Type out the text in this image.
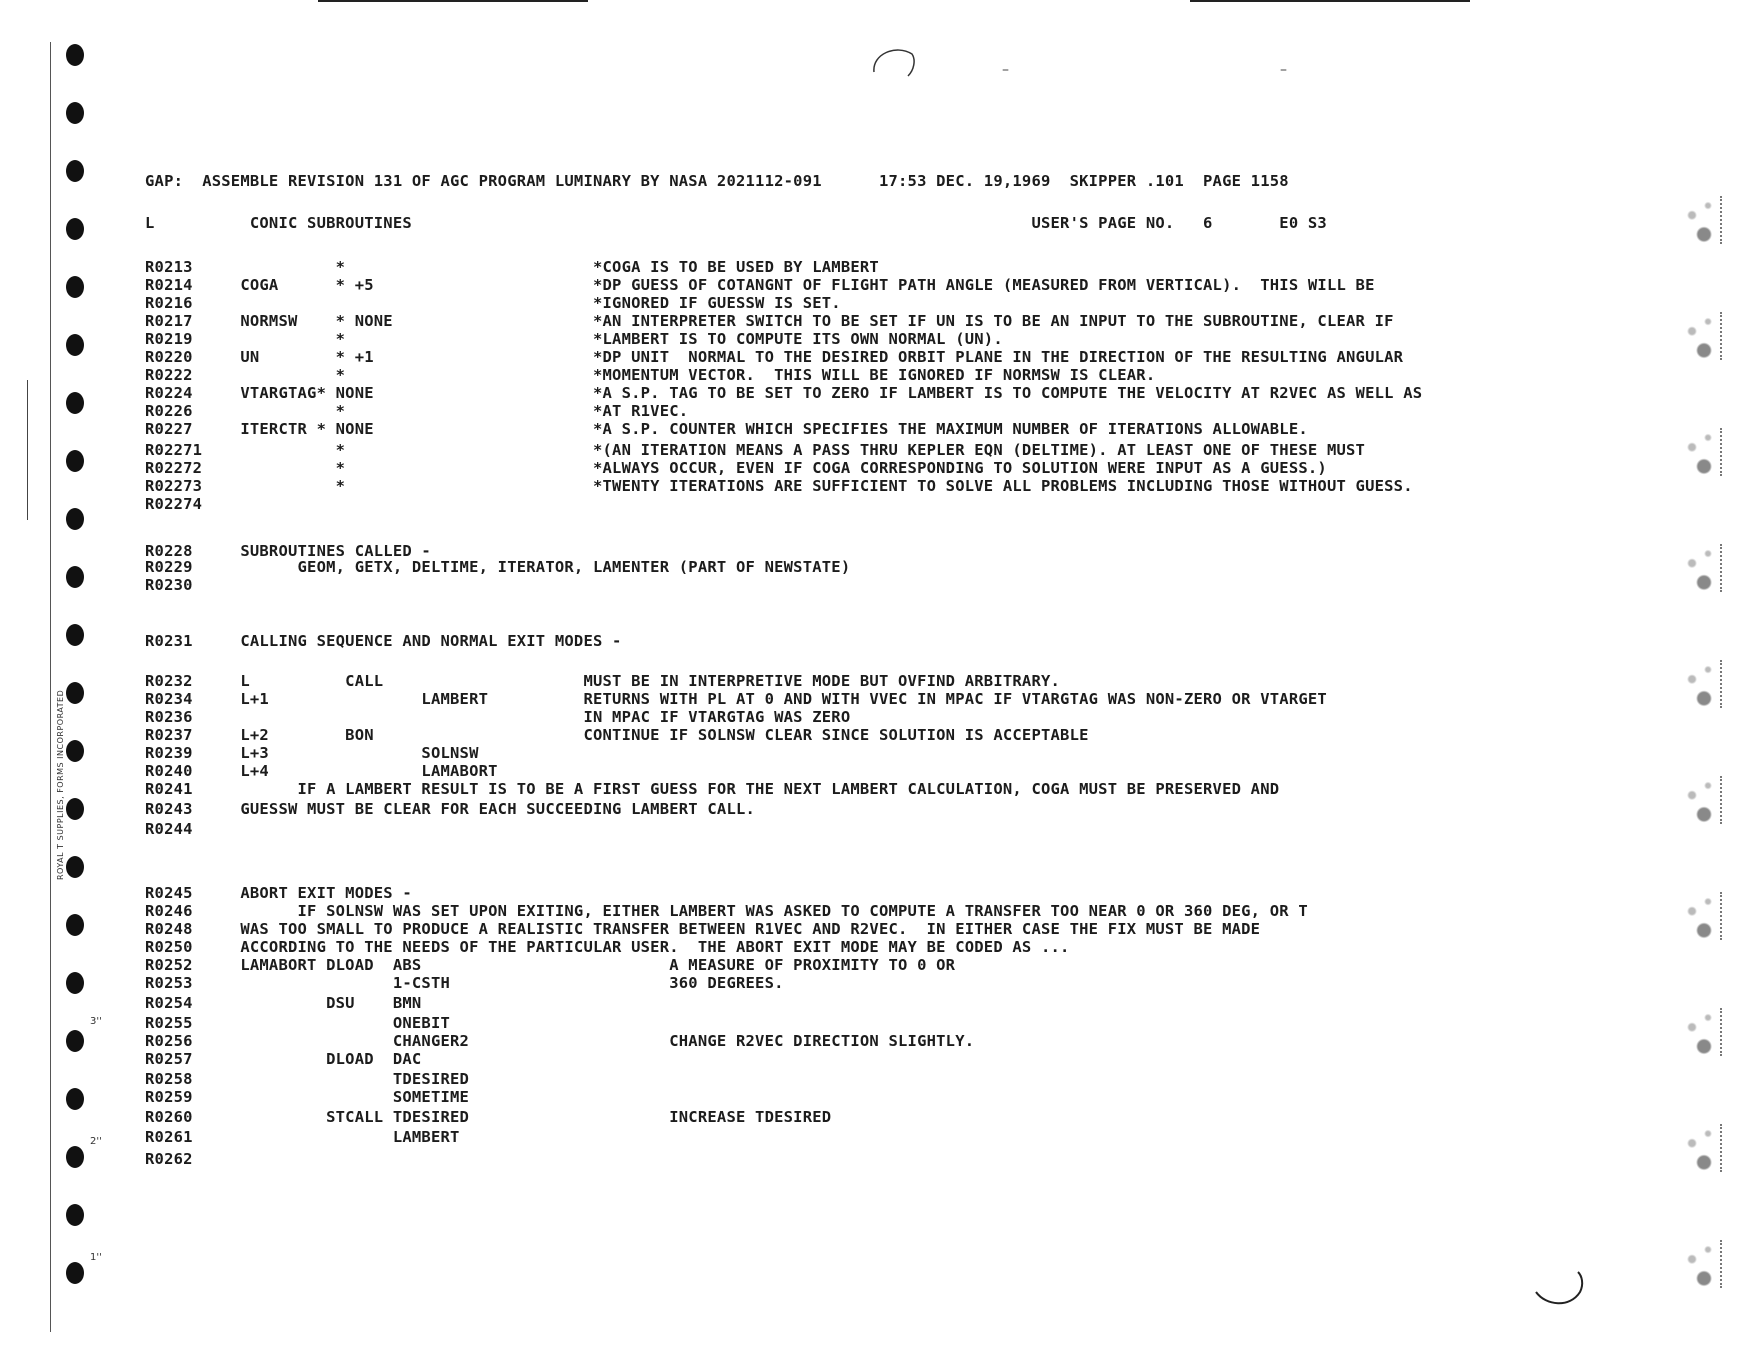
ROYAL T SUPPLIES, FORMS INCORPORATED
3''
2''
1''
–	–
GAP:  ASSEMBLE REVISION 131 OF AGC PROGRAM LUMINARY BY NASA 2021112-091      17:53 DEC. 19,1969  SKIPPER .101  PAGE 1158
L          CONIC SUBROUTINES                                                                 USER'S PAGE NO.   6       E0 S3
R0213               *                          *COGA IS TO BE USED BY LAMBERT
R0214     COGA      * +5                       *DP GUESS OF COTANGNT OF FLIGHT PATH ANGLE (MEASURED FROM VERTICAL).  THIS WILL BE
R0216                                          *IGNORED IF GUESSW IS SET.
R0217     NORMSW    * NONE                     *AN INTERPRETER SWITCH TO BE SET IF UN IS TO BE AN INPUT TO THE SUBROUTINE, CLEAR IF
R0219               *                          *LAMBERT IS TO COMPUTE ITS OWN NORMAL (UN).
R0220     UN        * +1                       *DP UNIT  NORMAL TO THE DESIRED ORBIT PLANE IN THE DIRECTION OF THE RESULTING ANGULAR
R0222               *                          *MOMENTUM VECTOR.  THIS WILL BE IGNORED IF NORMSW IS CLEAR.
R0224     VTARGTAG* NONE                       *A S.P. TAG TO BE SET TO ZERO IF LAMBERT IS TO COMPUTE THE VELOCITY AT R2VEC AS WELL AS
R0226               *                          *AT R1VEC.
R0227     ITERCTR * NONE                       *A S.P. COUNTER WHICH SPECIFIES THE MAXIMUM NUMBER OF ITERATIONS ALLOWABLE.
R02271              *                          *(AN ITERATION MEANS A PASS THRU KEPLER EQN (DELTIME). AT LEAST ONE OF THESE MUST
R02272              *                          *ALWAYS OCCUR, EVEN IF COGA CORRESPONDING TO SOLUTION WERE INPUT AS A GUESS.)
R02273              *                          *TWENTY ITERATIONS ARE SUFFICIENT TO SOLVE ALL PROBLEMS INCLUDING THOSE WITHOUT GUESS.
R02274
R0228     SUBROUTINES CALLED -
R0229           GEOM, GETX, DELTIME, ITERATOR, LAMENTER (PART OF NEWSTATE)
R0230
R0231     CALLING SEQUENCE AND NORMAL EXIT MODES -
R0232     L          CALL                     MUST BE IN INTERPRETIVE MODE BUT OVFIND ARBITRARY.
R0234     L+1                LAMBERT          RETURNS WITH PL AT 0 AND WITH VVEC IN MPAC IF VTARGTAG WAS NON-ZERO OR VTARGET
R0236                                         IN MPAC IF VTARGTAG WAS ZERO
R0237     L+2        BON                      CONTINUE IF SOLNSW CLEAR SINCE SOLUTION IS ACCEPTABLE
R0239     L+3                SOLNSW
R0240     L+4                LAMABORT
R0241           IF A LAMBERT RESULT IS TO BE A FIRST GUESS FOR THE NEXT LAMBERT CALCULATION, COGA MUST BE PRESERVED AND
R0243     GUESSW MUST BE CLEAR FOR EACH SUCCEEDING LAMBERT CALL.
R0244
R0245     ABORT EXIT MODES -
R0246           IF SOLNSW WAS SET UPON EXITING, EITHER LAMBERT WAS ASKED TO COMPUTE A TRANSFER TOO NEAR 0 OR 360 DEG, OR T
R0248     WAS TOO SMALL TO PRODUCE A REALISTIC TRANSFER BETWEEN R1VEC AND R2VEC.  IN EITHER CASE THE FIX MUST BE MADE
R0250     ACCORDING TO THE NEEDS OF THE PARTICULAR USER.  THE ABORT EXIT MODE MAY BE CODED AS ...
R0252     LAMABORT DLOAD  ABS                          A MEASURE OF PROXIMITY TO 0 OR
R0253                     1-CSTH                       360 DEGREES.
R0254              DSU    BMN
R0255                     ONEBIT
R0256                     CHANGER2                     CHANGE R2VEC DIRECTION SLIGHTLY.
R0257              DLOAD  DAC
R0258                     TDESIRED
R0259                     SOMETIME
R0260              STCALL TDESIRED                     INCREASE TDESIRED
R0261                     LAMBERT
R0262
